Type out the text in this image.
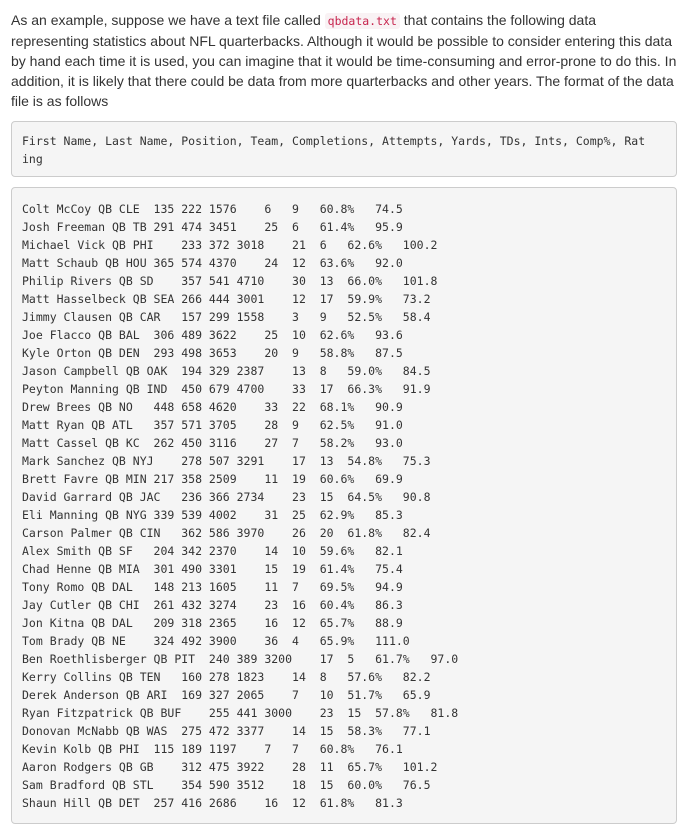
As an example, suppose we have a text file called qbdata.txt that contains the following data representing statistics about NFL quarterbacks. Although it would be possible to consider entering this data by hand each time it is used, you can imagine that it would be time-consuming and error-prone to do this. In addition, it is likely that there could be data from more quarterbacks and other years. The format of the data file is as follows

First Name, Last Name, Position, Team, Completions, Attempts, Yards, TDs, Ints, Comp%, Rat
ing
Colt McCoy QB CLE  135 222 1576    6   9   60.8%   74.5
Josh Freeman QB TB 291 474 3451    25  6   61.4%   95.9
Michael Vick QB PHI    233 372 3018    21  6   62.6%   100.2
Matt Schaub QB HOU 365 574 4370    24  12  63.6%   92.0
Philip Rivers QB SD    357 541 4710    30  13  66.0%   101.8
Matt Hasselbeck QB SEA 266 444 3001    12  17  59.9%   73.2
Jimmy Clausen QB CAR   157 299 1558    3   9   52.5%   58.4
Joe Flacco QB BAL  306 489 3622    25  10  62.6%   93.6
Kyle Orton QB DEN  293 498 3653    20  9   58.8%   87.5
Jason Campbell QB OAK  194 329 2387    13  8   59.0%   84.5
Peyton Manning QB IND  450 679 4700    33  17  66.3%   91.9
Drew Brees QB NO   448 658 4620    33  22  68.1%   90.9
Matt Ryan QB ATL   357 571 3705    28  9   62.5%   91.0
Matt Cassel QB KC  262 450 3116    27  7   58.2%   93.0
Mark Sanchez QB NYJ    278 507 3291    17  13  54.8%   75.3
Brett Favre QB MIN 217 358 2509    11  19  60.6%   69.9
David Garrard QB JAC   236 366 2734    23  15  64.5%   90.8
Eli Manning QB NYG 339 539 4002    31  25  62.9%   85.3
Carson Palmer QB CIN   362 586 3970    26  20  61.8%   82.4
Alex Smith QB SF   204 342 2370    14  10  59.6%   82.1
Chad Henne QB MIA  301 490 3301    15  19  61.4%   75.4
Tony Romo QB DAL   148 213 1605    11  7   69.5%   94.9
Jay Cutler QB CHI  261 432 3274    23  16  60.4%   86.3
Jon Kitna QB DAL   209 318 2365    16  12  65.7%   88.9
Tom Brady QB NE    324 492 3900    36  4   65.9%   111.0
Ben Roethlisberger QB PIT  240 389 3200    17  5   61.7%   97.0
Kerry Collins QB TEN   160 278 1823    14  8   57.6%   82.2
Derek Anderson QB ARI  169 327 2065    7   10  51.7%   65.9
Ryan Fitzpatrick QB BUF    255 441 3000    23  15  57.8%   81.8
Donovan McNabb QB WAS  275 472 3377    14  15  58.3%   77.1
Kevin Kolb QB PHI  115 189 1197    7   7   60.8%   76.1
Aaron Rodgers QB GB    312 475 3922    28  11  65.7%   101.2
Sam Bradford QB STL    354 590 3512    18  15  60.0%   76.5
Shaun Hill QB DET  257 416 2686    16  12  61.8%   81.3
